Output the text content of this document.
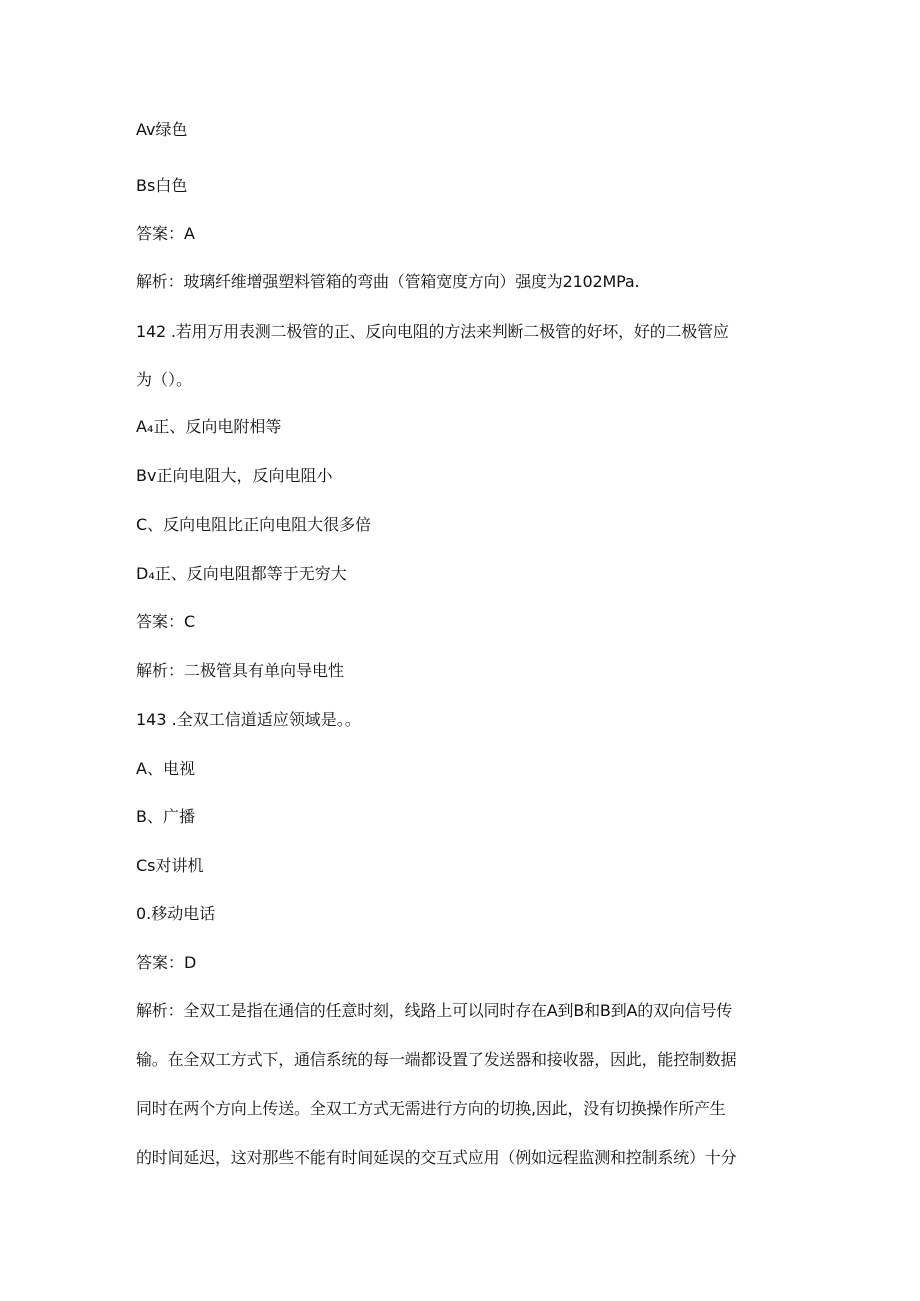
Av绿色
Bs白色
答案：A
解析：玻璃纤维增强塑料管箱的弯曲（管箱宽度方向）强度为2102MPa.
142 .若用万用表测二极管的正、反向电阻的方法来判断二极管的好坏，好的二极管应
为（）。
A₄正、反向电附相等
Bv正向电阻大，反向电阻小
C、反向电阻比正向电阻大很多倍
D₄正、反向电阻都等于无穷大
答案：C
解析：二极管具有单向导电性
143 .全双工信道适应领域是。。
A、电视
B、广播
Cs对讲机
0.移动电话
答案：D
解析：全双工是指在通信的任意时刻，线路上可以同时存在A到B和B到A的双向信号传
输。在全双工方式下，通信系统的每一端都设置了发送器和接收器，因此，能控制数据
同时在两个方向上传送。全双工方式无需进行方向的切换,因此，没有切换操作所产生
的时间延迟，这对那些不能有时间延误的交互式应用（例如远程监测和控制系统）十分
